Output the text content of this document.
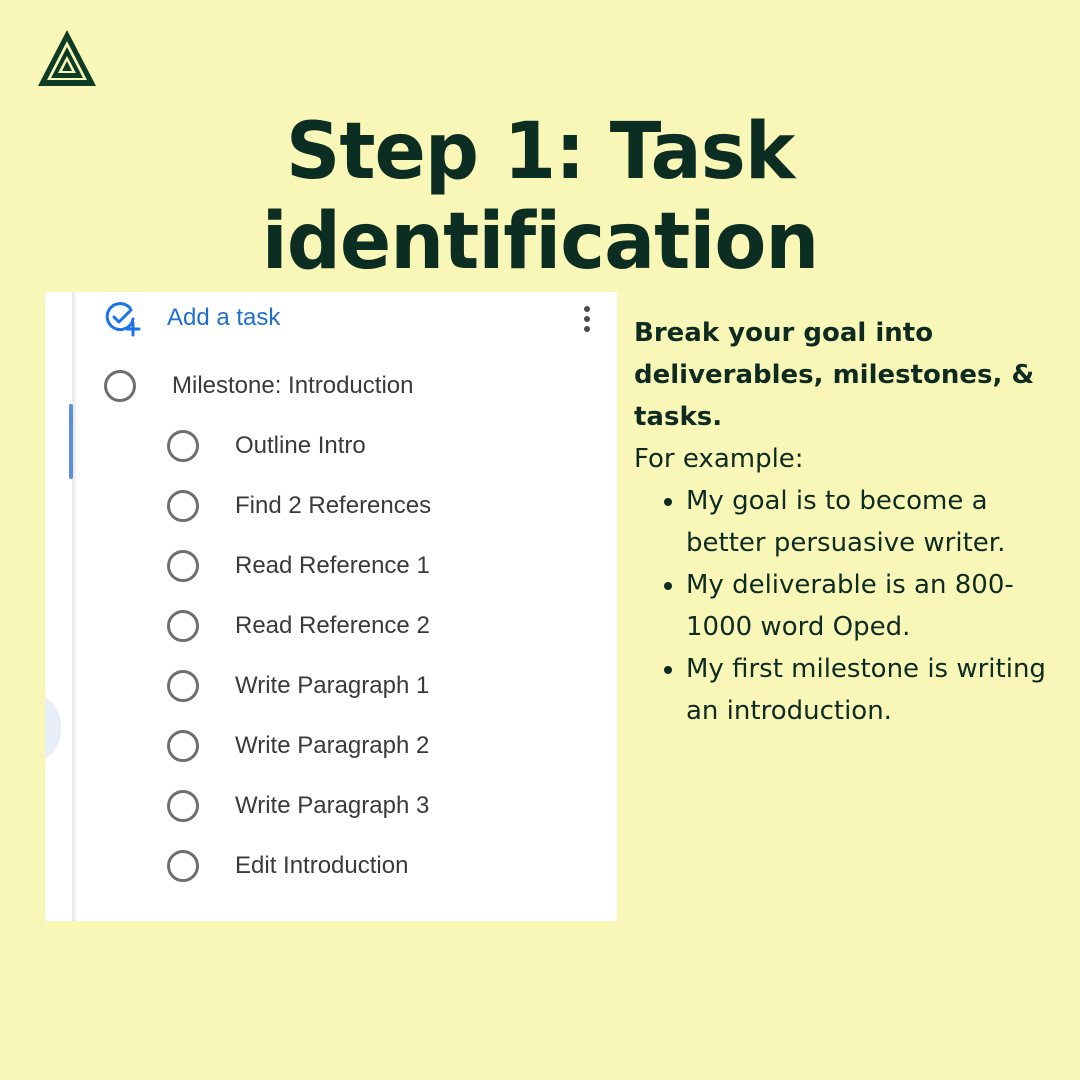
Step 1: Task identification
Add a task
Milestone: Introduction
Outline Intro
Find 2 References
Read Reference 1
Read Reference 2
Write Paragraph 1
Write Paragraph 2
Write Paragraph 3
Edit Introduction
Break your goal into deliverables, milestones, & tasks.
For example:
• My goal is to become a better persuasive writer.
• My deliverable is an 800-1000 word Oped.
• My first milestone is writing an introduction.
